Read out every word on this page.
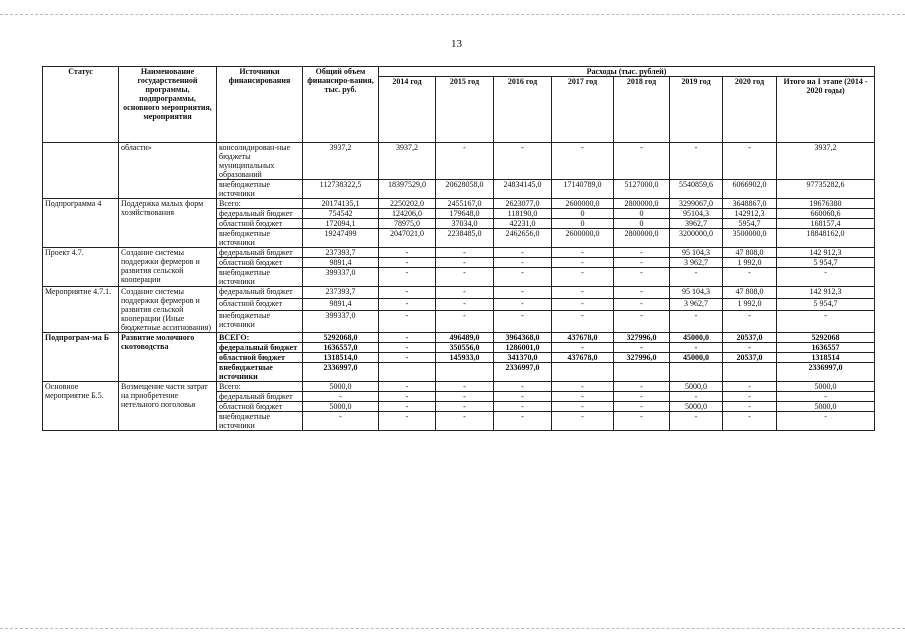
13
Статус	Наименование государственной программы, подпрограммы, основного мероприятия, мероприятия	Источники финансирования	Общий объем финансиро-вания, тыс. руб.	Расходы (тыс. рублей)							
				2014 год	2015 год	2016 год	2017 год	2018 год	2019 год	2020 год	Итого на I этапе (2014 - 2020 годы)
	области»	консолидирован-ные бюджеты муниципальных образований	3937,2	3937,2	-	-	-	-	-	-	3937,2
		внебюджетные источники	112738322,5	18397529,0	20628058,0	24834145,0	17140789,0	5127000,0	5540859,6	6066902,0	97735282,6
Подпрограмма 4	Поддержка малых форм хозяйствования	Всего:	20174135,1	2250202,0	2455167,0	2623077,0	2600000,0	2800000,0	3299067,0	3648867,0	19676380
		федеральный бюджет	754542	124206,0	179648,0	118190,0	0	0	95104,3	142912,3	660060,6
		областной бюджет	172094,1	78975,0	37034,0	42231,0	0	0	3962,7	5954,7	168157,4
		внебюджетные источники	19247499	2047021,0	2238485,0	2462656,0	2600000,0	2800000,0	3200000,0	3500000,0	18848162,0
Проект 4.7.	Создание системы поддержки фермеров и развития сельской кооперации	федеральный бюджет	237393,7	-	-	-	-	-	95 104,3	47 808,0	142 912,3
		областной бюджет	9891,4	-	-	-	-	-	3 962,7	1 992,0	5 954,7
		внебюджетные источники	399337,0	-	-	-	-	-	-	-	-
Мероприятие 4.7.1.	Создание системы поддержки фермеров и развития сельской кооперации (Иные бюджетные ассигнования)	федеральный бюджет	237393,7	-	-	-	-	-	95 104,3	47 808,0	142 912,3
		областной бюджет	9891,4	-	-	-	-	-	3 962,7	1 992,0	5 954,7
		внебюджетные источники	399337,0	-	-	-	-	-	-	-	-
Подпрограм-ма Б	Развитие молочного скотоводства	ВСЕГО:	5292068,0	-	496489,0	3964368,0	437678,0	327996,0	45000,0	20537,0	5292068
		федеральный бюджет	1636557,0	-	350556,0	1286001,0	-	-	-	-	1636557
		областной бюджет	1318514,0	-	145933,0	341370,0	437678,0	327996,0	45000,0	20537,0	1318514
		внебюджетные источники	2336997,0			2336997,0					2336997,0
Основное мероприятие Б.5.	Возмещение части затрат на приобретение нетельного поголовья	Всего:	5000,0	-	-	-	-	-	5000,0	-	5000,0
		федеральный бюджет	-	-	-	-	-	-	-	-	-
		областной бюджет	5000,0	-	-	-	-	-	5000,0	-	5000,0
		внебюджетные источники	-	-	-	-	-	-	-	-	-
